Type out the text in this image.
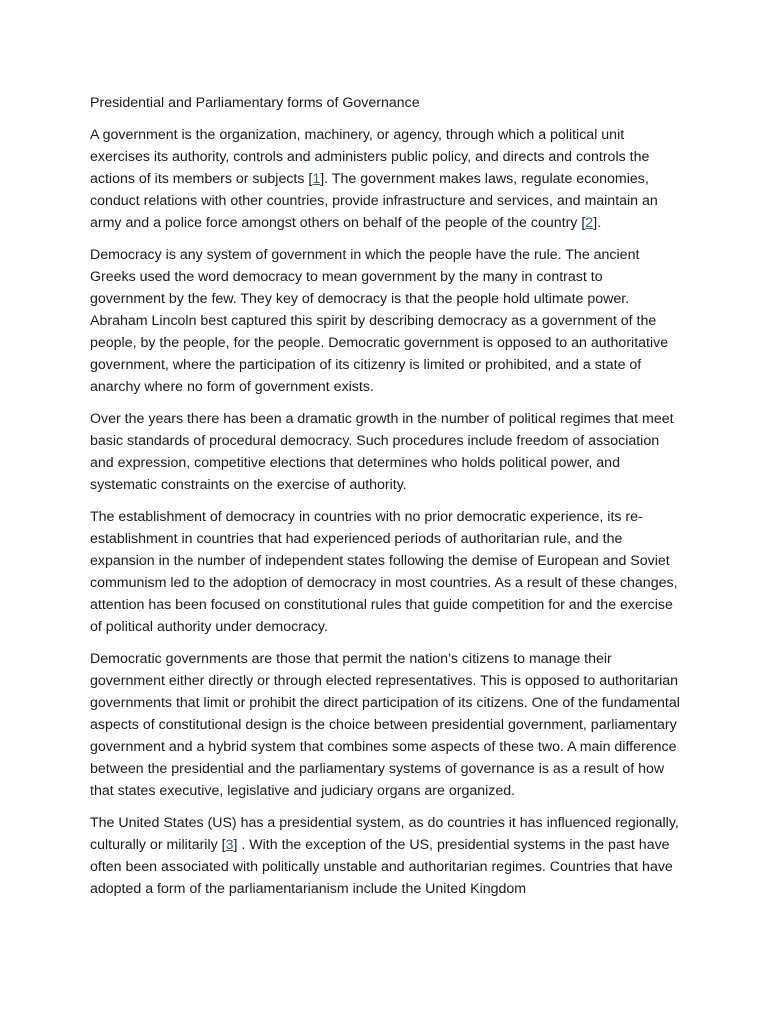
Presidential and Parliamentary forms of Governance

A government is the organization, machinery, or agency, through which a political unit exercises its authority, controls and administers public policy, and directs and controls the actions of its members or subjects [1]. The government makes laws, regulate economies, conduct relations with other countries, provide infrastructure and services, and maintain an army and a police force amongst others on behalf of the people of the country [2].

Democracy is any system of government in which the people have the rule. The ancient Greeks used the word democracy to mean government by the many in contrast to government by the few. They key of democracy is that the people hold ultimate power. Abraham Lincoln best captured this spirit by describing democracy as a government of the people, by the people, for the people. Democratic government is opposed to an authoritative government, where the participation of its citizenry is limited or prohibited, and a state of anarchy where no form of government exists.

Over the years there has been a dramatic growth in the number of political regimes that meet basic standards of procedural democracy. Such procedures include freedom of association and expression, competitive elections that determines who holds political power, and systematic constraints on the exercise of authority.

The establishment of democracy in countries with no prior democratic experience, its re-establishment in countries that had experienced periods of authoritarian rule, and the expansion in the number of independent states following the demise of European and Soviet communism led to the adoption of democracy in most countries. As a result of these changes, attention has been focused on constitutional rules that guide competition for and the exercise of political authority under democracy.

Democratic governments are those that permit the nation’s citizens to manage their government either directly or through elected representatives. This is opposed to authoritarian governments that limit or prohibit the direct participation of its citizens. One of the fundamental aspects of constitutional design is the choice between presidential government, parliamentary government and a hybrid system that combines some aspects of these two. A main difference between the presidential and the parliamentary systems of governance is as a result of how that states executive, legislative and judiciary organs are organized.

The United States (US) has a presidential system, as do countries it has influenced regionally, culturally or militarily [3] . With the exception of the US, presidential systems in the past have often been associated with politically unstable and authoritarian regimes. Countries that have adopted a form of the parliamentarianism include the United Kingdom
